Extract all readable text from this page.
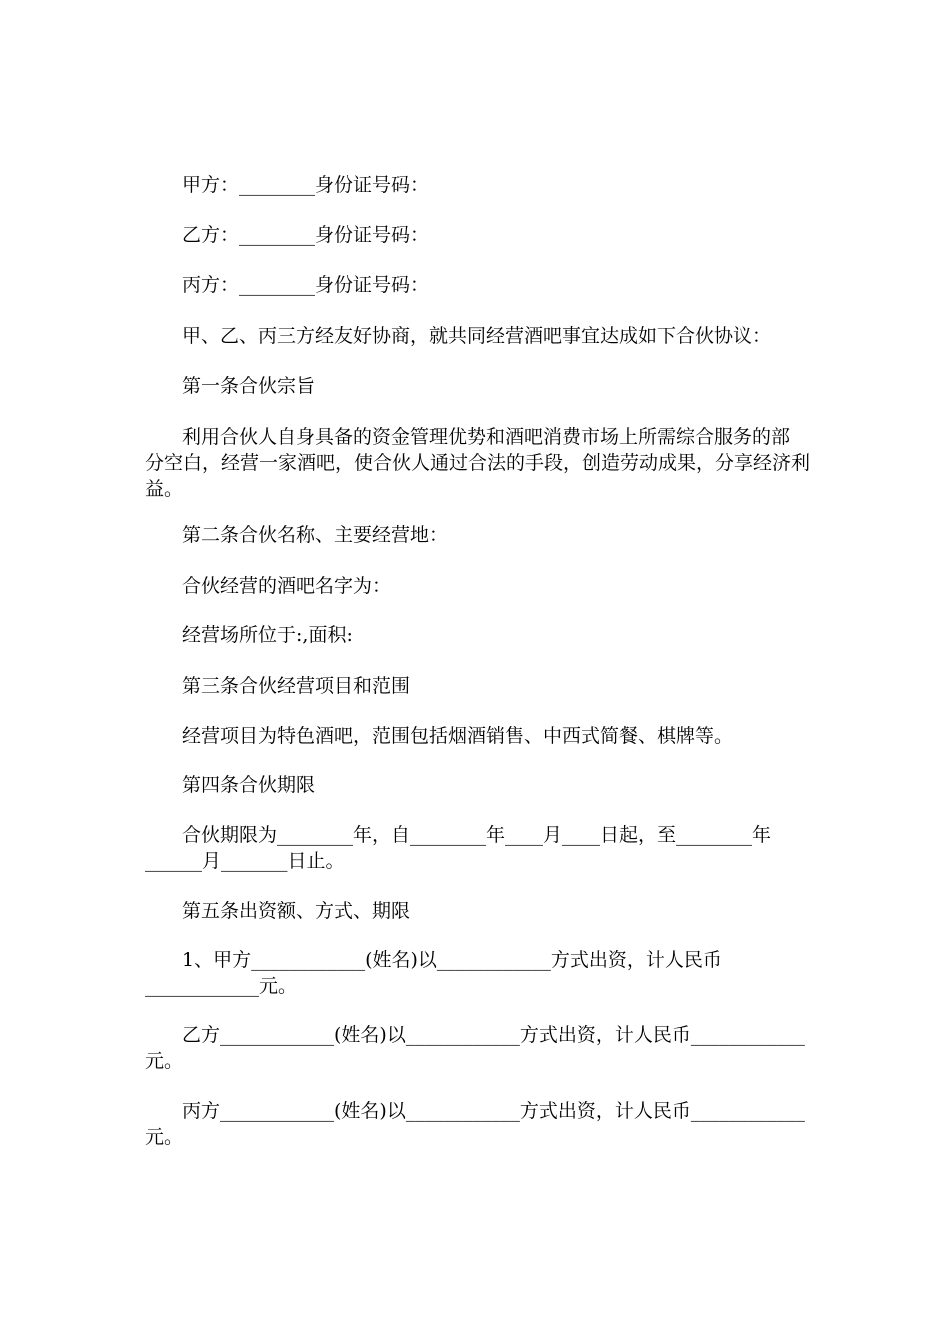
甲方：________身份证号码：
乙方：________身份证号码：
丙方：________身份证号码：
甲、乙、丙三方经友好协商，就共同经营酒吧事宜达成如下合伙协议：
第一条合伙宗旨
利用合伙人自身具备的资金管理优势和酒吧消费市场上所需综合服务的部
分空白，经营一家酒吧，使合伙人通过合法的手段，创造劳动成果，分享经济利
益。
第二条合伙名称、主要经营地：
合伙经营的酒吧名字为：
经营场所位于:,面积:
第三条合伙经营项目和范围
经营项目为特色酒吧，范围包括烟酒销售、中西式简餐、棋牌等。
第四条合伙期限
合伙期限为________年，自________年____月____日起，至________年
______月_______日止。
第五条出资额、方式、期限
1、甲方____________(姓名)以____________方式出资，计人民币
____________元。
乙方____________(姓名)以____________方式出资，计人民币____________
元。
丙方____________(姓名)以____________方式出资，计人民币____________
元。
